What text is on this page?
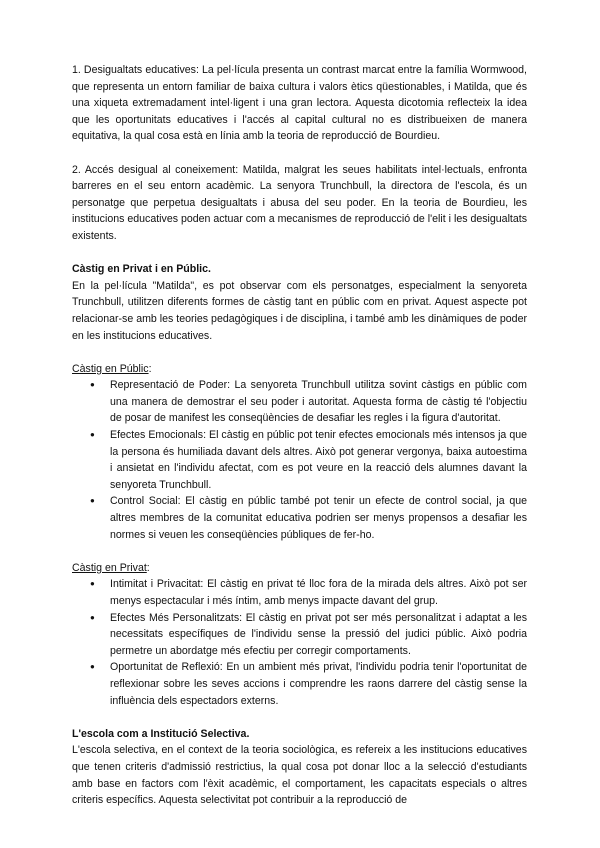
1. Desigualtats educatives: La pel·lícula presenta un contrast marcat entre la família Wormwood, que representa un entorn familiar de baixa cultura i valors ètics qüestionables, i Matilda, que és una xiqueta extremadament intel·ligent i una gran lectora. Aquesta dicotomia reflecteix la idea que les oportunitats educatives i l'accés al capital cultural no es distribueixen de manera equitativa, la qual cosa està en línia amb la teoria de reproducció de Bourdieu.

2. Accés desigual al coneixement: Matilda, malgrat les seues habilitats intel·lectuals, enfronta barreres en el seu entorn acadèmic. La senyora Trunchbull, la directora de l'escola, és un personatge que perpetua desigualtats i abusa del seu poder. En la teoria de Bourdieu, les institucions educatives poden actuar com a mecanismes de reproducció de l'elit i les desigualtats existents.

Càstig en Privat i en Públic.

En la pel·lícula "Matilda", es pot observar com els personatges, especialment la senyoreta Trunchbull, utilitzen diferents formes de càstig tant en públic com en privat. Aquest aspecte pot relacionar-se amb les teories pedagògiques i de disciplina, i també amb les dinàmiques de poder en les institucions educatives.

Càstig en Públic:

● Representació de Poder: La senyoreta Trunchbull utilitza sovint càstigs en públic com una manera de demostrar el seu poder i autoritat. Aquesta forma de càstig té l'objectiu de posar de manifest les conseqüències de desafiar les regles i la figura d'autoritat.
● Efectes Emocionals: El càstig en públic pot tenir efectes emocionals més intensos ja que la persona és humiliada davant dels altres. Això pot generar vergonya, baixa autoestima i ansietat en l'individu afectat, com es pot veure en la reacció dels alumnes davant la senyoreta Trunchbull.
● Control Social: El càstig en públic també pot tenir un efecte de control social, ja que altres membres de la comunitat educativa podrien ser menys propensos a desafiar les normes si veuen les conseqüències públiques de fer-ho.

Càstig en Privat:

● Intimitat i Privacitat: El càstig en privat té lloc fora de la mirada dels altres. Això pot ser menys espectacular i més íntim, amb menys impacte davant del grup.
● Efectes Més Personalitzats: El càstig en privat pot ser més personalitzat i adaptat a les necessitats específiques de l'individu sense la pressió del judici públic. Això podria permetre un abordatge més efectiu per corregir comportaments.
● Oportunitat de Reflexió: En un ambient més privat, l'individu podria tenir l'oportunitat de reflexionar sobre les seves accions i comprendre les raons darrere del càstig sense la influència dels espectadors externs.

L'escola com a Institució Selectiva.

L'escola selectiva, en el context de la teoria sociològica, es refereix a les institucions educatives que tenen criteris d'admissió restrictius, la qual cosa pot donar lloc a la selecció d'estudiants amb base en factors com l'èxit acadèmic, el comportament, les capacitats especials o altres criteris específics. Aquesta selectivitat pot contribuir a la reproducció de
